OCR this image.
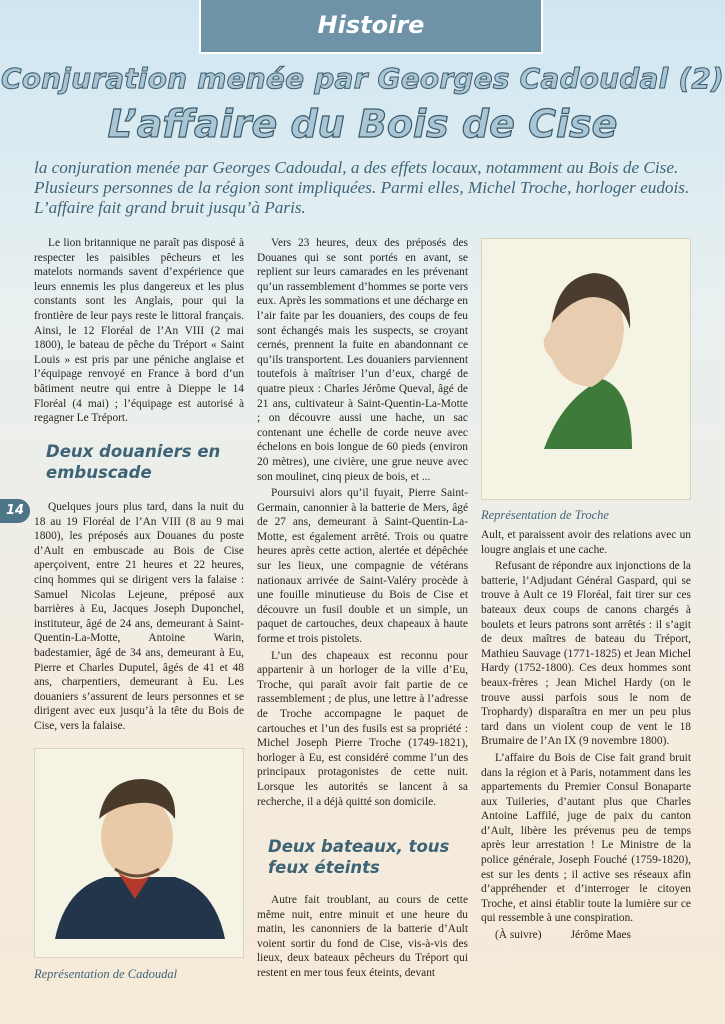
Histoire
Conjuration menée par Georges Cadoudal (2)
L’affaire du Bois de Cise
la conjuration menée par Georges Cadoudal, a des effets locaux, notamment au Bois de Cise. Plusieurs personnes de la région sont impliquées. Parmi elles, Michel Troche, horloger eudois. L’affaire fait grand bruit jusqu’à Paris.
14

Le lion britannique ne paraît pas disposé à respecter les paisibles pêcheurs et les matelots normands savent d’expérience que leurs ennemis les plus dangereux et les plus constants sont les Anglais, pour qui la frontière de leur pays reste le littoral français. Ainsi, le 12 Floréal de l’An VIII (2 mai 1800), le bateau de pêche du Tréport « Saint Louis » est pris par une péniche anglaise et l’équipage renvoyé en France à bord d’un bâtiment neutre qui entre à Dieppe le 14 Floréal (4 mai) ; l’équipage est autorisé à regagner Le Tréport.

Deux douaniers en embuscade

Quelques jours plus tard, dans la nuit du 18 au 19 Floréal de l’An VIII (8 au 9 mai 1800), les préposés aux Douanes du poste d’Ault en embuscade au Bois de Cise aperçoivent, entre 21 heures et 22 heures, cinq hommes qui se dirigent vers la falaise : Samuel Nicolas Lejeune, préposé aux barrières à Eu, Jacques Joseph Duponchel, instituteur, âgé de 24 ans, demeurant à Saint-Quentin-La-Motte, Antoine Warin, badestamier, âgé de 34 ans, demeurant à Eu, Pierre et Charles Duputel, âgés de 41 et 48 ans, charpentiers, demeurant à Eu. Les douaniers s’assurent de leurs personnes et se dirigent avec eux jusqu’à la tête du Bois de Cise, vers la falaise.

Représentation de Cadoudal

Vers 23 heures, deux des préposés des Douanes qui se sont portés en avant, se replient sur leurs camarades en les prévenant qu’un rassemblement d’hommes se porte vers eux. Après les sommations et une décharge en l’air faite par les douaniers, des coups de feu sont échangés mais les suspects, se croyant cernés, prennent la fuite en abandonnant ce qu’ils transportent. Les douaniers parviennent toutefois à maîtriser l’un d’eux, chargé de quatre pieux : Charles Jérôme Queval, âgé de 21 ans, cultivateur à Saint-Quentin-La-Motte ; on découvre aussi une hache, un sac contenant une échelle de corde neuve avec échelons en bois longue de 60 pieds (environ 20 mètres), une civière, une grue neuve avec son moulinet, cinq pieux de bois, et ...

Poursuivi alors qu’il fuyait, Pierre Saint-Germain, canonnier à la batterie de Mers, âgé de 27 ans, demeurant à Saint-Quentin-La-Motte, est également arrêté. Trois ou quatre heures après cette action, alertée et dépêchée sur les lieux, une compagnie de vétérans nationaux arrivée de Saint-Valéry procède à une fouille minutieuse du Bois de Cise et découvre un fusil double et un simple, un paquet de cartouches, deux chapeaux à haute forme et trois pistolets.

L’un des chapeaux est reconnu pour appartenir à un horloger de la ville d’Eu, Troche, qui paraît avoir fait partie de ce rassemblement ; de plus, une lettre à l’adresse de Troche accompagne le paquet de cartouches et l’un des fusils est sa propriété : Michel Joseph Pierre Troche (1749-1821), horloger à Eu, est considéré comme l’un des principaux protagonistes de cette nuit. Lorsque les autorités se lancent à sa recherche, il a déjà quitté son domicile.

Deux bateaux, tous feux éteints

Autre fait troublant, au cours de cette même nuit, entre minuit et une heure du matin, les canonniers de la batterie d’Ault voient sortir du fond de Cise, vis-à-vis des lieux, deux bateaux pêcheurs du Tréport qui restent en mer tous feux éteints, devant

Représentation de Troche

Ault, et paraissent avoir des relations avec un lougre anglais et une cache.

Refusant de répondre aux injonctions de la batterie, l’Adjudant Général Gaspard, qui se trouve à Ault ce 19 Floréal, fait tirer sur ces bateaux deux coups de canons chargés à boulets et leurs patrons sont arrêtés : il s’agit de deux maîtres de bateau du Tréport, Mathieu Sauvage (1771-1825) et Jean Michel Hardy (1752-1800). Ces deux hommes sont beaux-frères ; Jean Michel Hardy (on le trouve aussi parfois sous le nom de Trophardy) disparaîtra en mer un peu plus tard dans un violent coup de vent le 18 Brumaire de l’An IX (9 novembre 1800).

L’affaire du Bois de Cise fait grand bruit dans la région et à Paris, notamment dans les appartements du Premier Consul Bonaparte aux Tuileries, d’autant plus que Charles Antoine Laffilé, juge de paix du canton d’Ault, libère les prévenus peu de temps après leur arrestation ! Le Ministre de la police générale, Joseph Fouché (1759-1820), est sur les dents ; il active ses réseaux afin d’appréhender et d’interroger le citoyen Troche, et ainsi établir toute la lumière sur ce qui ressemble à une conspiration.

(À suivre)	Jérôme Maes
